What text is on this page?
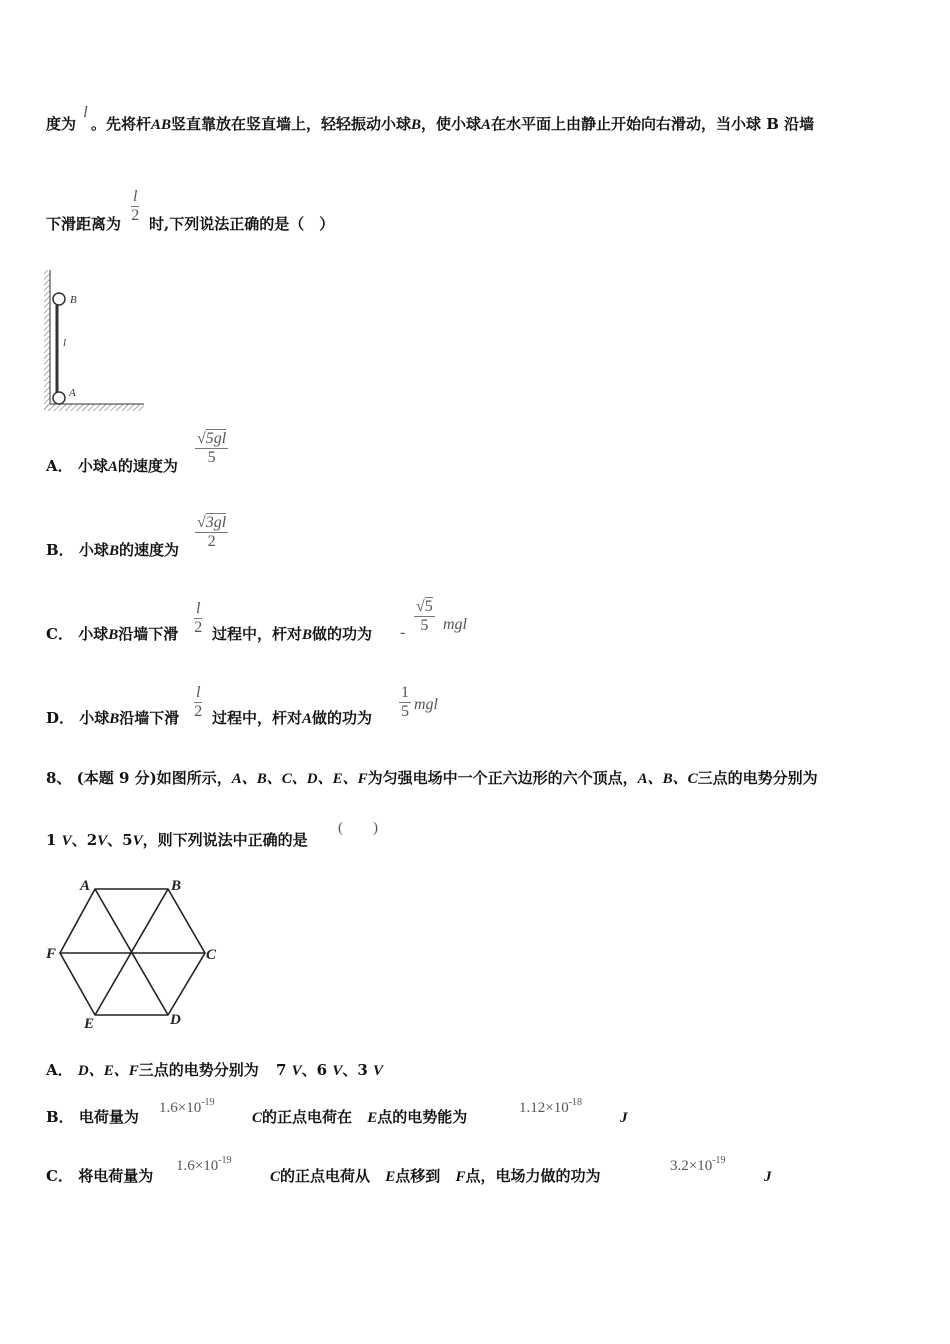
度为 l 。先将杆AB竖直靠放在竖直墙上，轻轻振动小球B，使小球A在水平面上由静止开始向右滑动，当小球 B 沿墙
下滑距离为 $\frac{l}{2}$ 时,下列说法正确的是（　）
B
A
l
A． 小球A的速度为 $\frac{√5gl}{5}$
B． 小球B的速度为 $\frac{√3gl}{2}$
C． 小球B沿墙下滑 $\frac{l}{2}$ 过程中，杆对B做的功为 - $\frac{√5}{5}$ mgl
D． 小球B沿墙下滑 $\frac{l}{2}$ 过程中，杆对A做的功为 $\frac{1}{5}$ mgl
8、 (本题 9 分)如图所示，A、B、C、D、E、F为匀强电场中一个正六边形的六个顶点，A、B、C三点的电势分别为
1 V、2V、5V，则下列说法中正确的是
(　　)
A	B
C
D
E
F
A． D、E、F三点的电势分别为 7 V、6 V、3 V
B． 电荷量为 $1.6\times 10^{-19}$
C的正点电荷在 E点的电势能为	$1.12\times 10^{-18}$
J
C． 将电荷量为
$1.6\times 10^{-19}$
C的正点电荷从 E点移到 F点，电场力做的功为
$3.2\times 10^{-19}$
J
